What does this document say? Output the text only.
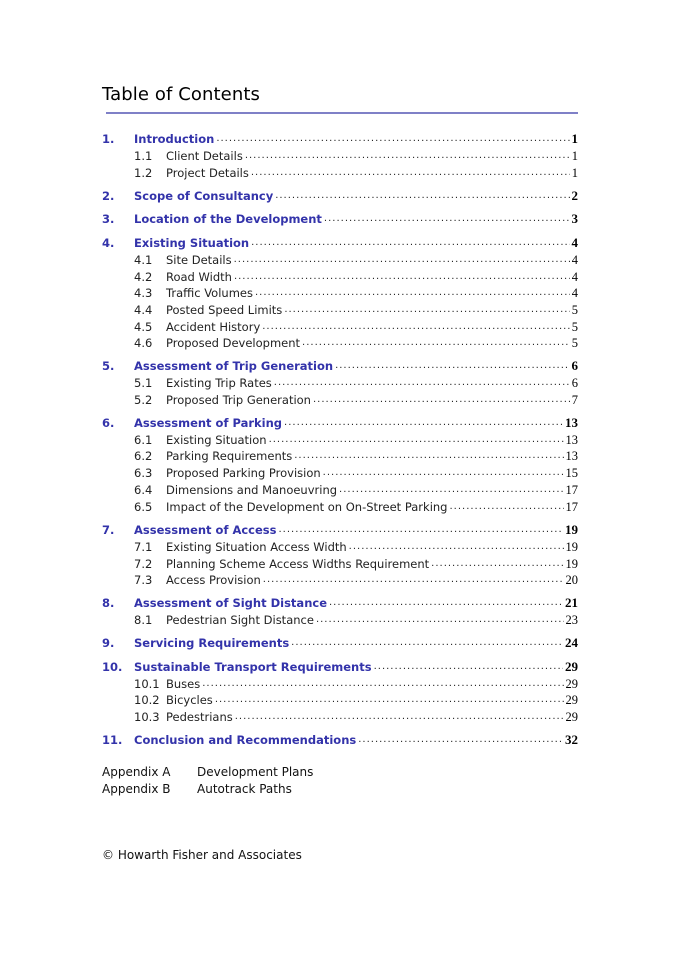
Table of Contents
1.	Introduction .....	1
1.1	Client Details .....	1
1.2	Project Details .....	1
2.	Scope of Consultancy .....	2
3.	Location of the Development .....	3
4.	Existing Situation .....	4
4.1	Site Details .....	4
4.2	Road Width .....	4
4.3	Traffic Volumes .....	4
4.4	Posted Speed Limits .....	5
4.5	Accident History .....	5
4.6	Proposed Development .....	5
5.	Assessment of Trip Generation .....	6
5.1	Existing Trip Rates .....	6
5.2	Proposed Trip Generation .....	7
6.	Assessment of Parking .....	13
6.1	Existing Situation .....	13
6.2	Parking Requirements .....	13
6.3	Proposed Parking Provision .....	15
6.4	Dimensions and Manoeuvring .....	17
6.5	Impact of the Development on On-Street Parking .....	17
7.	Assessment of Access .....	19
7.1	Existing Situation Access Width .....	19
7.2	Planning Scheme Access Widths Requirement .....	19
7.3	Access Provision .....	20
8.	Assessment of Sight Distance .....	21
8.1	Pedestrian Sight Distance .....	23
9.	Servicing Requirements .....	24
10.	Sustainable Transport Requirements .....	29
10.1 Buses .....	29
10.2 Bicycles .....	29
10.3 Pedestrians .....	29
11.	Conclusion and Recommendations .....	32
Appendix A Development Plans
Appendix B Autotrack Paths
© Howarth Fisher and Associates
